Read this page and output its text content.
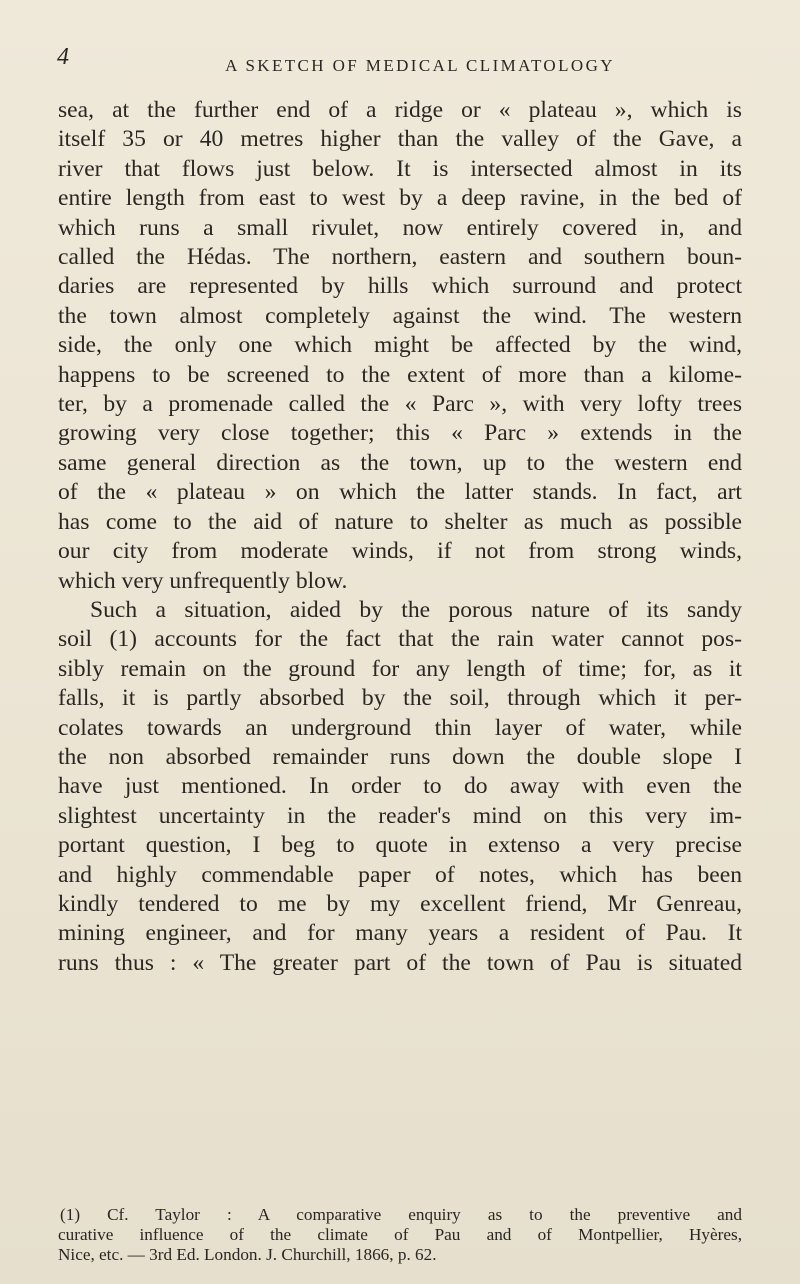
4	A SKETCH OF MEDICAL CLIMATOLOGY
sea, at the further end of a ridge or « plateau », which is
itself 35 or 40 metres higher than the valley of the Gave, a
river that flows just below. It is intersected almost in its
entire length from east to west by a deep ravine, in the bed of
which runs a small rivulet, now entirely covered in, and
called the Hédas. The northern, eastern and southern boun-
daries are represented by hills which surround and protect
the town almost completely against the wind. The western
side, the only one which might be affected by the wind,
happens to be screened to the extent of more than a kilome-
ter, by a promenade called the « Parc », with very lofty trees
growing very close together; this « Parc » extends in the
same general direction as the town, up to the western end
of the « plateau » on which the latter stands. In fact, art
has come to the aid of nature to shelter as much as possible
our city from moderate winds, if not from strong winds,
which very unfrequently blow.
Such a situation, aided by the porous nature of its sandy
soil (1) accounts for the fact that the rain water cannot pos-
sibly remain on the ground for any length of time; for, as it
falls, it is partly absorbed by the soil, through which it per-
colates towards an underground thin layer of water, while
the non absorbed remainder runs down the double slope I
have just mentioned. In order to do away with even the
slightest uncertainty in the reader's mind on this very im-
portant question, I beg to quote in extenso a very precise
and highly commendable paper of notes, which has been
kindly tendered to me by my excellent friend, Mr Genreau,
mining engineer, and for many years a resident of Pau. It
runs thus : « The greater part of the town of Pau is situated
(1) Cf. Taylor : A comparative enquiry as to the preventive and
curative influence of the climate of Pau and of Montpellier, Hyères,
Nice, etc. — 3rd Ed. London. J. Churchill, 1866, p. 62.
